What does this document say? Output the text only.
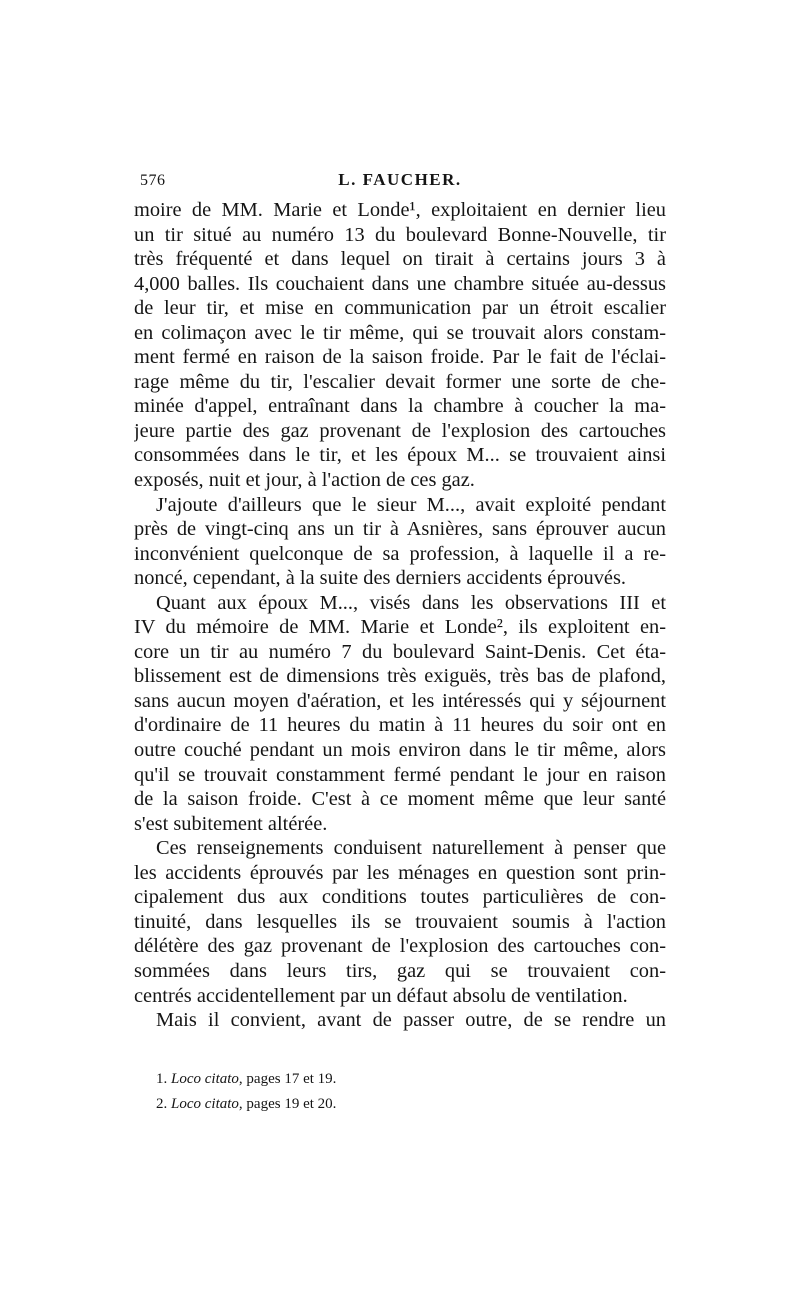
576	L. FAUCHER.

moire de MM. Marie et Londe¹, exploitaient en dernier lieu
un tir situé au numéro 13 du boulevard Bonne-Nouvelle, tir
très fréquenté et dans lequel on tirait à certains jours 3 à
4,000 balles. Ils couchaient dans une chambre située au-dessus
de leur tir, et mise en communication par un étroit escalier
en colimaçon avec le tir même, qui se trouvait alors constam-
ment fermé en raison de la saison froide. Par le fait de l'éclai-
rage même du tir, l'escalier devait former une sorte de che-
minée d'appel, entraînant dans la chambre à coucher la ma-
jeure partie des gaz provenant de l'explosion des cartouches
consommées dans le tir, et les époux M... se trouvaient ainsi
exposés, nuit et jour, à l'action de ces gaz.

J'ajoute d'ailleurs que le sieur M..., avait exploité pendant
près de vingt-cinq ans un tir à Asnières, sans éprouver aucun
inconvénient quelconque de sa profession, à laquelle il a re-
noncé, cependant, à la suite des derniers accidents éprouvés.

Quant aux époux M..., visés dans les observations III et
IV du mémoire de MM. Marie et Londe², ils exploitent en-
core un tir au numéro 7 du boulevard Saint-Denis. Cet éta-
blissement est de dimensions très exiguës, très bas de plafond,
sans aucun moyen d'aération, et les intéressés qui y séjournent
d'ordinaire de 11 heures du matin à 11 heures du soir ont en
outre couché pendant un mois environ dans le tir même, alors
qu'il se trouvait constamment fermé pendant le jour en raison
de la saison froide. C'est à ce moment même que leur santé
s'est subitement altérée.

Ces renseignements conduisent naturellement à penser que
les accidents éprouvés par les ménages en question sont prin-
cipalement dus aux conditions toutes particulières de con-
tinuité, dans lesquelles ils se trouvaient soumis à l'action
délétère des gaz provenant de l'explosion des cartouches con-
sommées dans leurs tirs, gaz qui se trouvaient con-
centrés accidentellement par un défaut absolu de ventilation.

Mais il convient, avant de passer outre, de se rendre un

1. Loco citato, pages 17 et 19.
2. Loco citato, pages 19 et 20.
